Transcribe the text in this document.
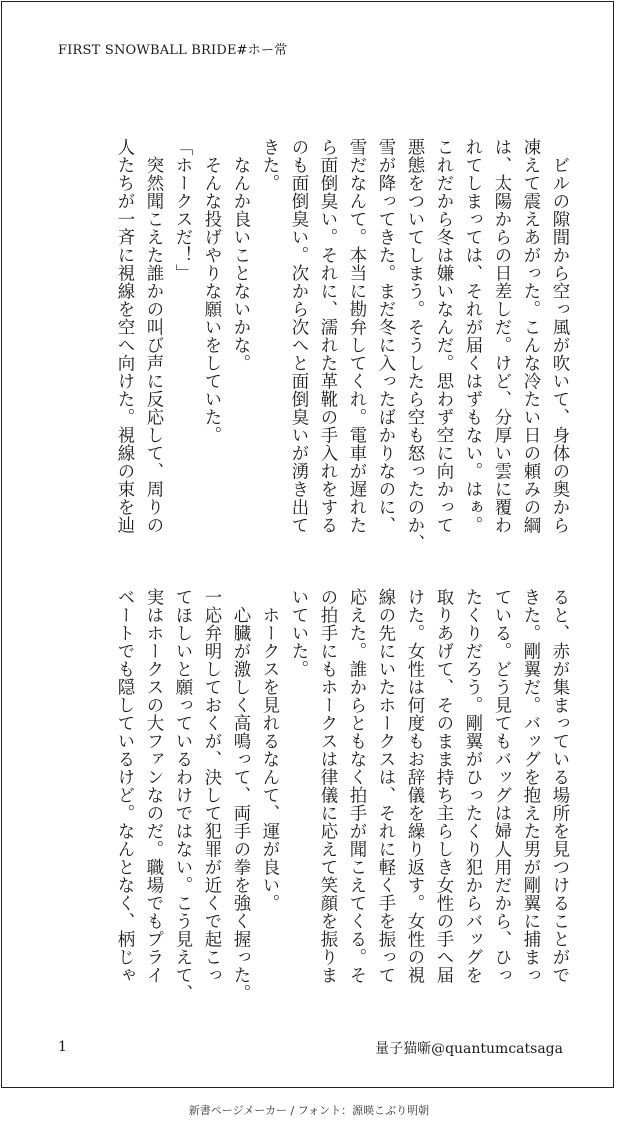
FIRST SNOWBALL BRIDE#ホー常

　ビルの隙間から空っ風が吹いて、身体の奥から

凍えて震えあがった。こんな冷たい日の頼みの綱

は、太陽からの日差しだ。けど、分厚い雲に覆わ

れてしまっては、それが届くはずもない。はぁ。

これだから冬は嫌いなんだ。思わず空に向かって

悪態をついてしまう。そうしたら空も怒ったのか、

雪が降ってきた。まだ冬に入ったばかりなのに、

雪だなんて。本当に勘弁してくれ。電車が遅れた

ら面倒臭い。それに、濡れた革靴の手入れをする

のも面倒臭い。次から次へと面倒臭いが湧き出て

きた。

　なんか良いことないかな。

　そんな投げやりな願いをしていた。

「ホークスだ！」

　突然聞こえた誰かの叫び声に反応して、周りの

人たちが一斉に視線を空へ向けた。視線の束を辿

ると、赤が集まっている場所を見つけることがで

きた。剛翼だ。バッグを抱えた男が剛翼に捕まっ

ている。どう見てもバッグは婦人用だから、ひっ

たくりだろう。剛翼がひったくり犯からバッグを

取りあげて、そのまま持ち主らしき女性の手へ届

けた。女性は何度もお辞儀を繰り返す。女性の視

線の先にいたホークスは、それに軽く手を振って

応えた。誰からともなく拍手が聞こえてくる。そ

の拍手にもホークスは律儀に応えて笑顔を振りま

いていた。

　ホークスを見れるなんて、運が良い。

　心臓が激しく高鳴って、両手の拳を強く握った。

一応弁明しておくが、決して犯罪が近くで起こっ

てほしいと願っているわけではない。こう見えて、

実はホークスの大ファンなのだ。職場でもプライ

ベートでも隠しているけど。なんとなく、柄じゃ

1	量子猫噺@quantumcatsaga
新書ページメーカー / フォント：源暎こぶり明朝
